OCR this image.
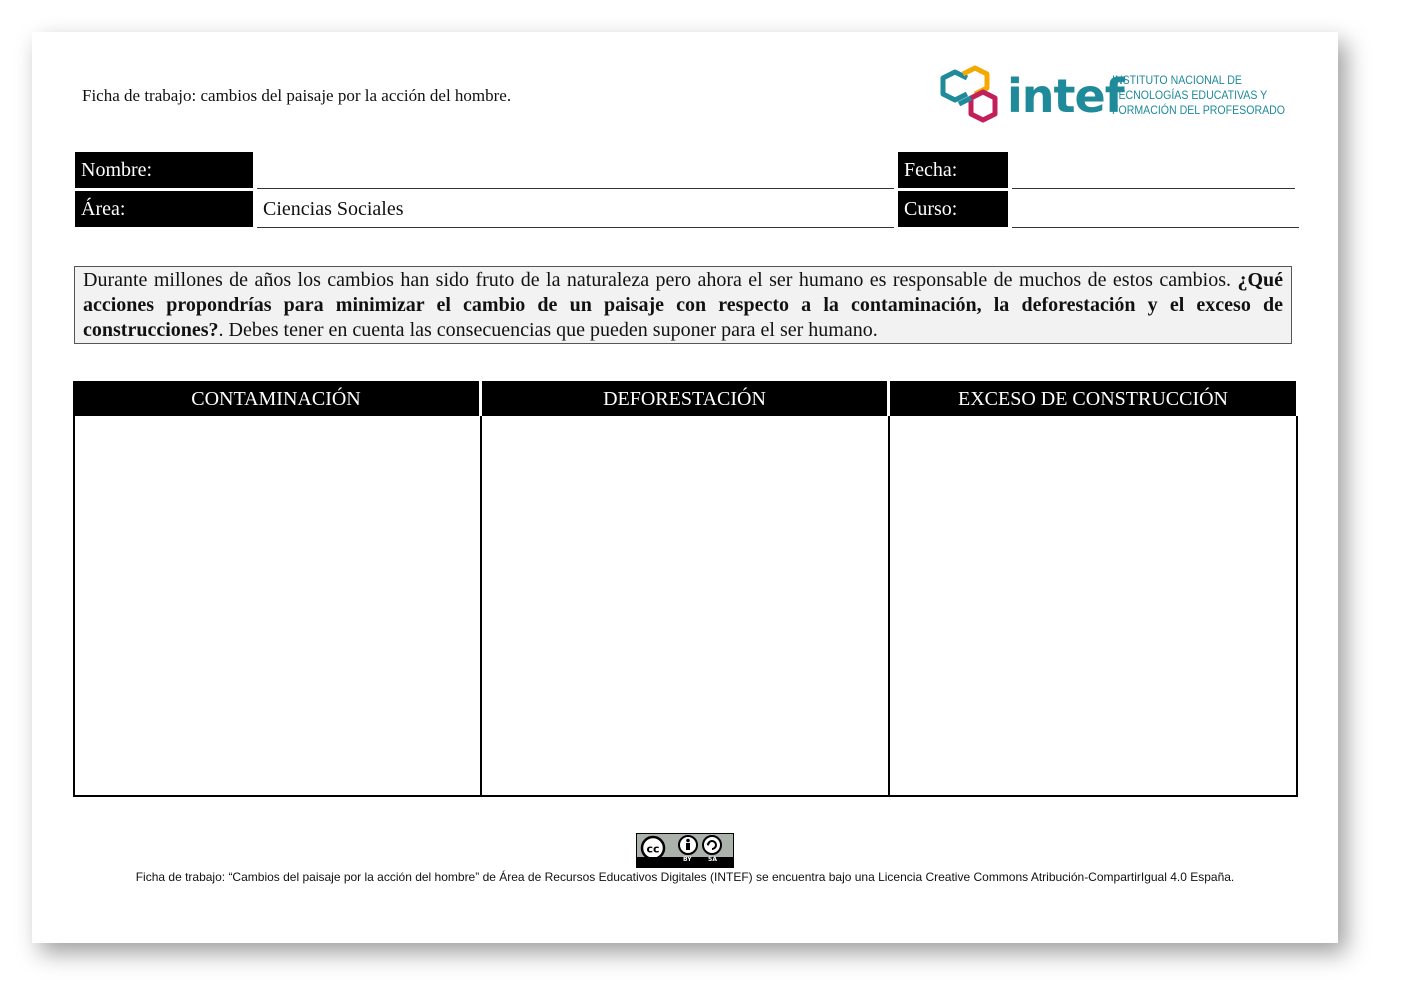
Ficha de trabajo: cambios del paisaje por la acción del hombre.	intef
INSTITUTO NACIONAL DE
TECNOLOGÍAS EDUCATIVAS Y
FORMACIÓN DEL PROFESORADO
Nombre:	Fecha:
Área:	Ciencias Sociales	Curso:
Durante millones de años los cambios han sido fruto de la naturaleza pero ahora el ser humano es responsable de muchos de estos cambios. ¿Qué acciones propondrías para minimizar el cambio de un paisaje con respecto a la contaminación, la deforestación y el exceso de construcciones?. Debes tener en cuenta las consecuencias que pueden suponer para el ser humano.
CONTAMINACIÓN	DEFORESTACIÓN	EXCESO DE CONSTRUCCIÓN
cc
BY	SA
Ficha de trabajo: “Cambios del paisaje por la acción del hombre” de Área de Recursos Educativos Digitales (INTEF) se encuentra bajo una Licencia Creative Commons Atribución-CompartirIgual 4.0 España.
